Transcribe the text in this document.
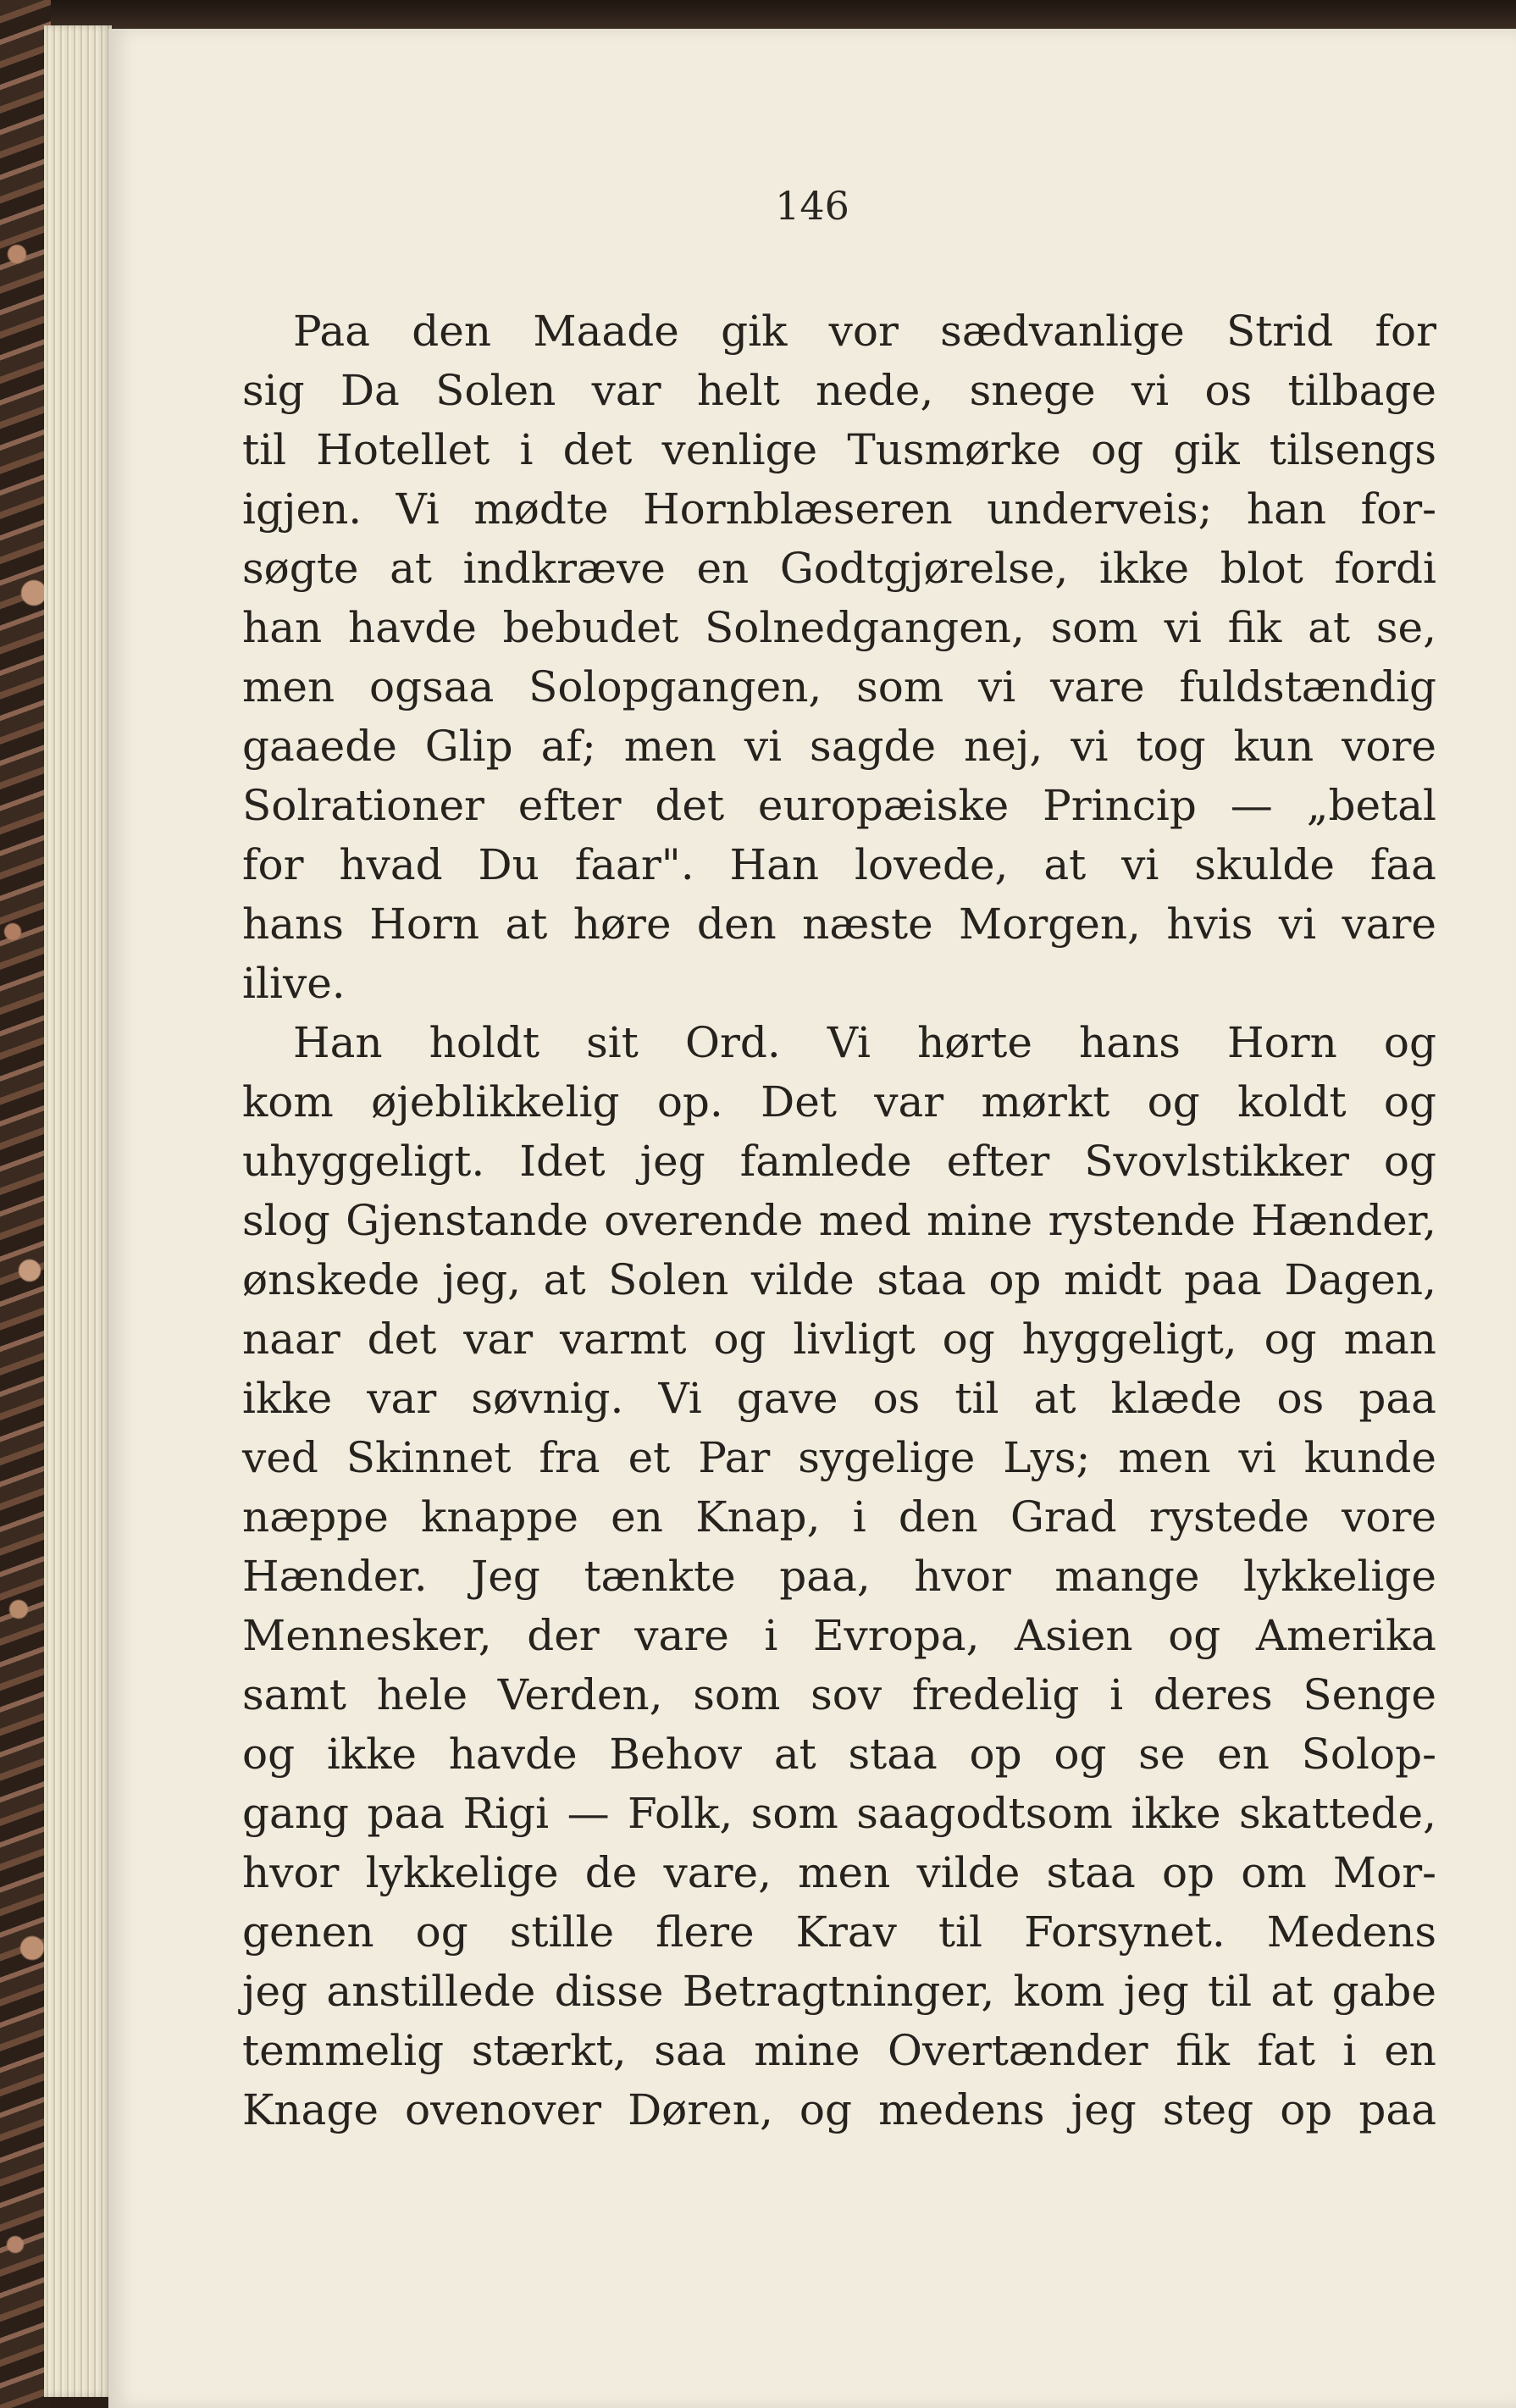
146
Paa den Maade gik vor sædvanlige Strid for
sig Da Solen var helt nede, snege vi os tilbage
til Hotellet i det venlige Tusmørke og gik tilsengs
igjen. Vi mødte Hornblæseren underveis; han for-
søgte at indkræve en Godtgjørelse, ikke blot fordi
han havde bebudet Solnedgangen, som vi fik at se,
men ogsaa Solopgangen, som vi vare fuldstændig
gaaede Glip af; men vi sagde nej, vi tog kun vore
Solrationer efter det europæiske Princip — „betal
for hvad Du faar". Han lovede, at vi skulde faa
hans Horn at høre den næste Morgen, hvis vi vare
ilive.
Han holdt sit Ord. Vi hørte hans Horn og
kom øjeblikkelig op. Det var mørkt og koldt og
uhyggeligt. Idet jeg famlede efter Svovlstikker og
slog Gjenstande overende med mine rystende Hænder,
ønskede jeg, at Solen vilde staa op midt paa Dagen,
naar det var varmt og livligt og hyggeligt, og man
ikke var søvnig. Vi gave os til at klæde os paa
ved Skinnet fra et Par sygelige Lys; men vi kunde
næppe knappe en Knap, i den Grad rystede vore
Hænder. Jeg tænkte paa, hvor mange lykkelige
Mennesker, der vare i Evropa, Asien og Amerika
samt hele Verden, som sov fredelig i deres Senge
og ikke havde Behov at staa op og se en Solop-
gang paa Rigi — Folk, som saagodtsom ikke skattede,
hvor lykkelige de vare, men vilde staa op om Mor-
genen og stille flere Krav til Forsynet. Medens
jeg anstillede disse Betragtninger, kom jeg til at gabe
temmelig stærkt, saa mine Overtænder fik fat i en
Knage ovenover Døren, og medens jeg steg op paa
